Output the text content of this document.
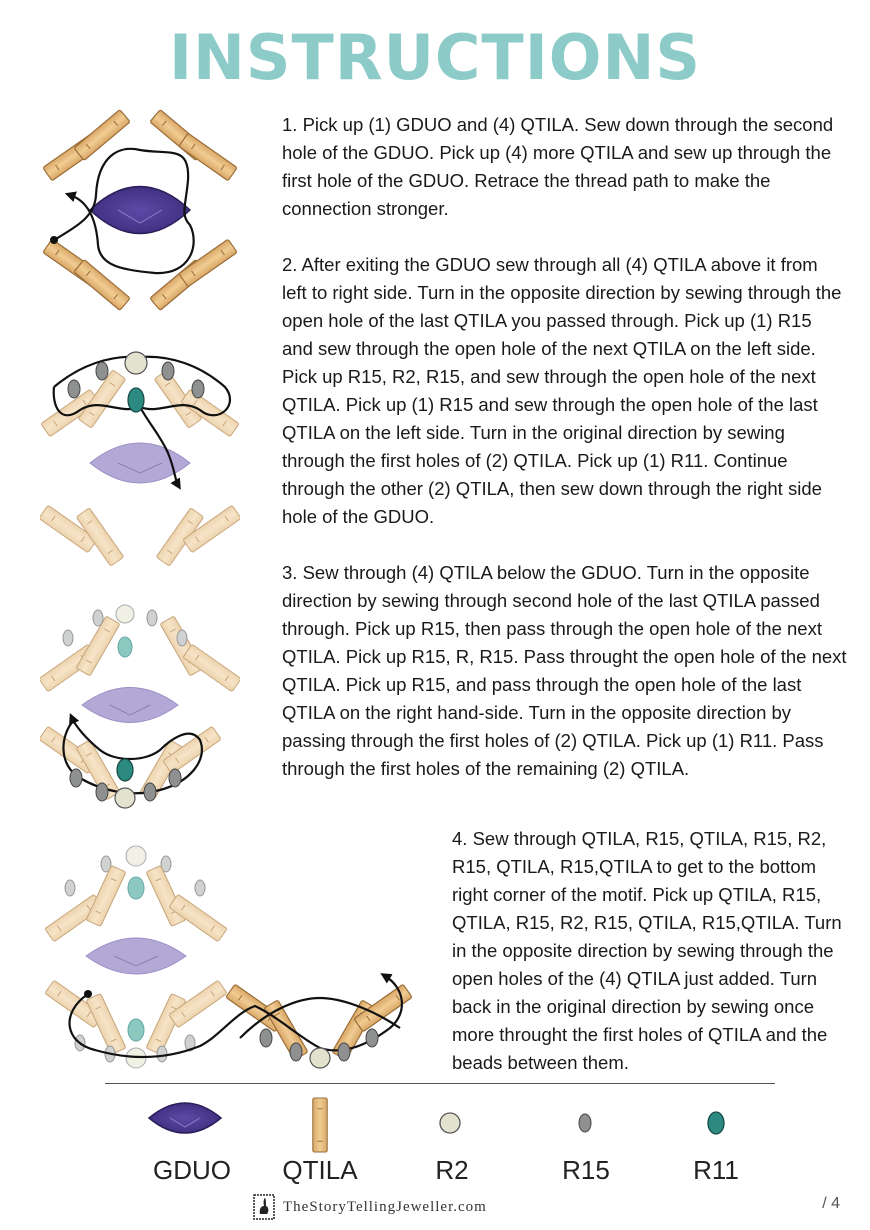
INSTRUCTIONS

1. Pick up (1) GDUO and (4) QTILA. Sew down through the second hole of the GDUO. Pick up (4) more QTILA and sew up through the first hole of the GDUO. Retrace the thread path to make the connection stronger.

2. After exiting the GDUO sew through all (4) QTILA above it from left to right side. Turn in the opposite direction by sewing through the open hole of the last QTILA you passed through. Pick up (1) R15 and sew through the open hole of the next QTILA on the left side. Pick up R15, R2, R15, and sew through the open hole of the next QTILA. Pick up (1) R15 and sew through the open hole of the last QTILA on the left side. Turn in the original direction by sewing through the first holes of (2) QTILA. Pick up (1) R11. Continue through the other (2) QTILA, then sew down through the right side hole of the GDUO.

3. Sew through (4) QTILA below the GDUO. Turn in the opposite direction by sewing through second hole of the last QTILA passed through. Pick up R15, then pass through the open hole of the next QTILA. Pick up R15, R, R15. Pass throught the open hole of the next QTILA. Pick up R15, and pass through the open hole of the last QTILA on the right hand-side. Turn in the opposite direction by passing through the first holes of (2) QTILA. Pick up (1) R11. Pass through the first holes of the remaining (2) QTILA.

4. Sew through QTILA, R15, QTILA, R15, R2, R15, QTILA, R15,QTILA to get to the bottom right corner of the motif. Pick up QTILA, R15, QTILA, R15, R2, R15, QTILA, R15,QTILA. Turn in the opposite direction by sewing through the open holes of the (4) QTILA just added. Turn back in the original direction by sewing once more throught the first holes of QTILA and the beads between them.

GDUO	QTILA	R2	R15	R11
TheStoryTellingJeweller.com	/ 4
